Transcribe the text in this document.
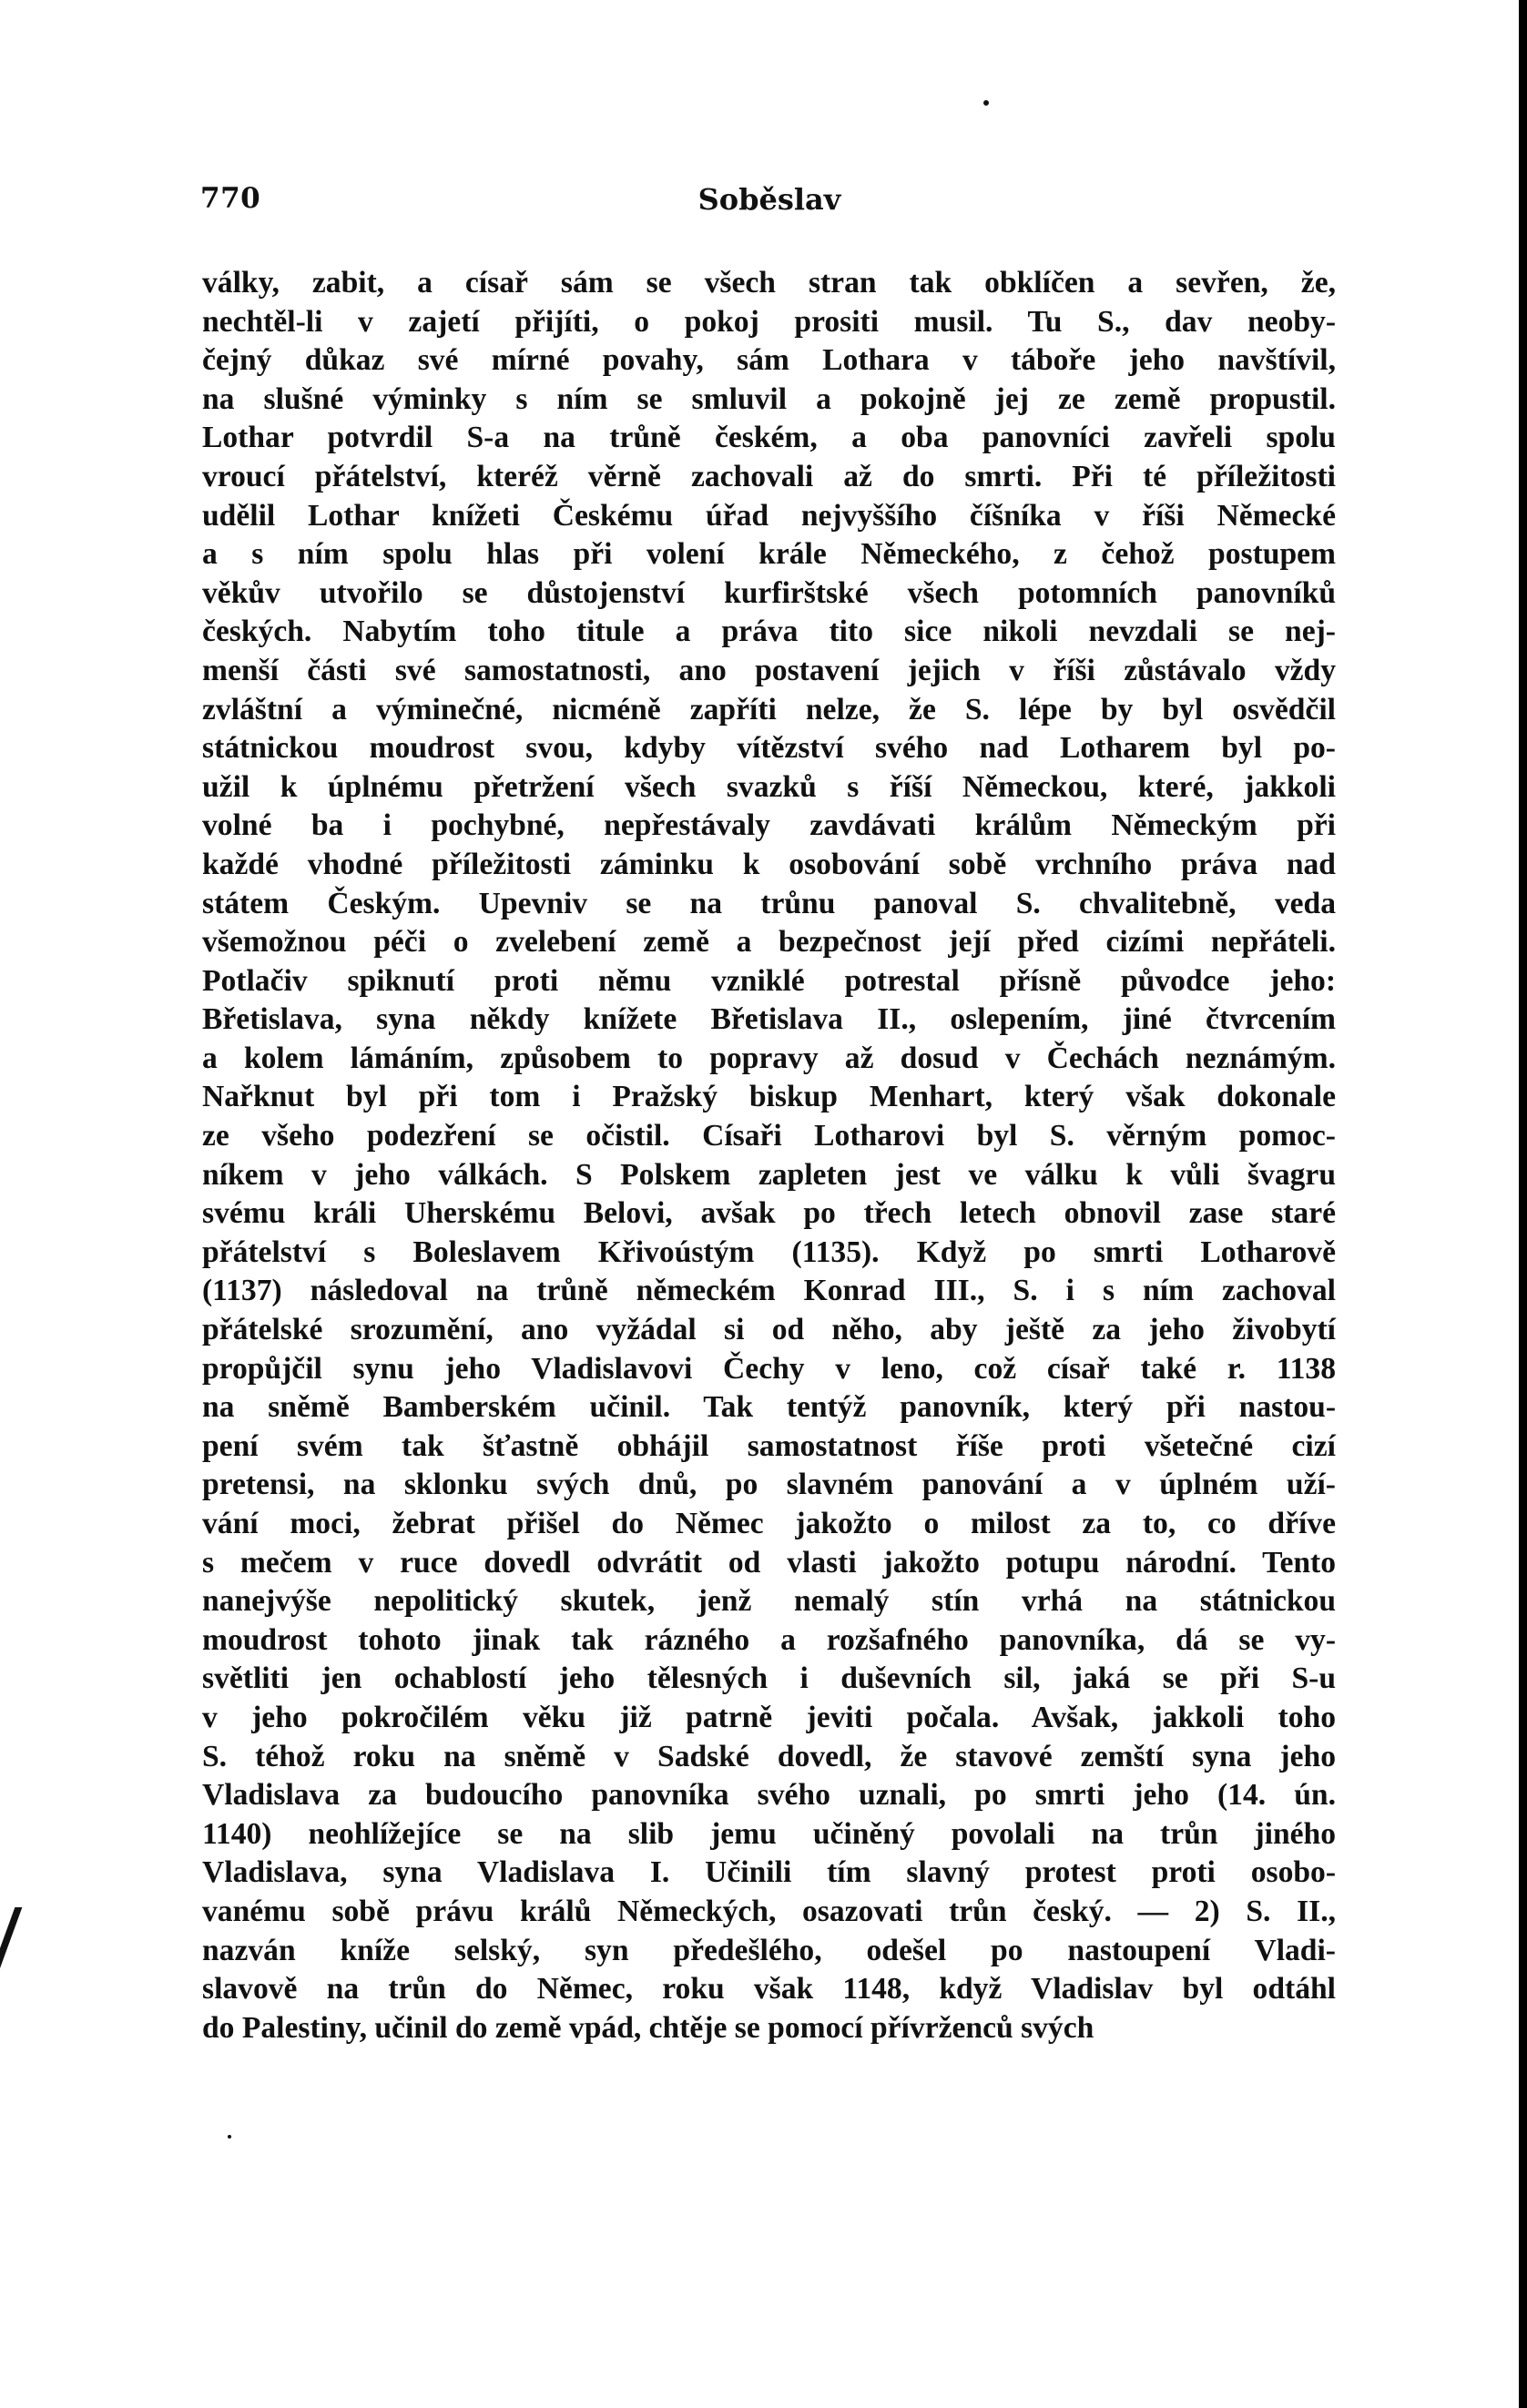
770	Soběslav
války, zabit, a císař sám se všech stran tak obklíčen a sevřen, že,
nechtěl-li v zajetí přijíti, o pokoj prositi musil. Tu S., dav neoby-
čejný důkaz své mírné povahy, sám Lothara v táboře jeho navštívil,
na slušné výminky s ním se smluvil a pokojně jej ze země propustil.
Lothar potvrdil S-a na trůně českém, a oba panovníci zavřeli spolu
vroucí přátelství, kteréž věrně zachovali až do smrti. Při té příležitosti
udělil Lothar knížeti Českému úřad nejvyššího číšníka v říši Německé
a s ním spolu hlas při volení krále Německého, z čehož postupem
věkův utvořilo se důstojenství kurfirštské všech potomních panovníků
českých. Nabytím toho titule a práva tito sice nikoli nevzdali se nej-
menší části své samostatnosti, ano postavení jejich v říši zůstávalo vždy
zvláštní a výminečné, nicméně zapříti nelze, že S. lépe by byl osvědčil
státnickou moudrost svou, kdyby vítězství svého nad Lotharem byl po-
užil k úplnému přetržení všech svazků s říší Německou, které, jakkoli
volné ba i pochybné, nepřestávaly zavdávati králům Německým při
každé vhodné příležitosti záminku k osobování sobě vrchního práva nad
státem Českým. Upevniv se na trůnu panoval S. chvalitebně, veda
všemožnou péči o zvelebení země a bezpečnost její před cizími nepřáteli.
Potlačiv spiknutí proti němu vzniklé potrestal přísně původce jeho:
Břetislava, syna někdy knížete Břetislava II., oslepením, jiné čtvrcením
a kolem lámáním, způsobem to popravy až dosud v Čechách neznámým.
Nařknut byl při tom i Pražský biskup Menhart, který však dokonale
ze všeho podezření se očistil. Císaři Lotharovi byl S. věrným pomoc-
níkem v jeho válkách. S Polskem zapleten jest ve válku k vůli švagru
svému králi Uherskému Belovi, avšak po třech letech obnovil zase staré
přátelství s Boleslavem Křivoústým (1135). Když po smrti Lotharově
(1137) následoval na trůně německém Konrad III., S. i s ním zachoval
přátelské srozumění, ano vyžádal si od něho, aby ještě za jeho živobytí
propůjčil synu jeho Vladislavovi Čechy v leno, což císař také r. 1138
na sněmě Bamberském učinil. Tak tentýž panovník, který při nastou-
pení svém tak šťastně obhájil samostatnost říše proti všetečné cizí
pretensi, na sklonku svých dnů, po slavném panování a v úplném uží-
vání moci, žebrat přišel do Němec jakožto o milost za to, co dříve
s mečem v ruce dovedl odvrátit od vlasti jakožto potupu národní. Tento
nanejvýše nepolitický skutek, jenž nemalý stín vrhá na státnickou
moudrost tohoto jinak tak rázného a rozšafného panovníka, dá se vy-
světliti jen ochablostí jeho tělesných i duševních sil, jaká se při S-u
v jeho pokročilém věku již patrně jeviti počala. Avšak, jakkoli toho
S. téhož roku na sněmě v Sadské dovedl, že stavové zemští syna jeho
Vladislava za budoucího panovníka svého uznali, po smrti jeho (14. ún.
1140) neohlížejíce se na slib jemu učiněný povolali na trůn jiného
Vladislava, syna Vladislava I. Učinili tím slavný protest proti osobo-
vanému sobě právu králů Německých, osazovati trůn český. — 2) S. II.,
nazván kníže selský, syn předešlého, odešel po nastoupení Vladi-
slavově na trůn do Němec, roku však 1148, když Vladislav byl odtáhl
do Palestiny, učinil do země vpád, chtěje se pomocí přívrženců svých
